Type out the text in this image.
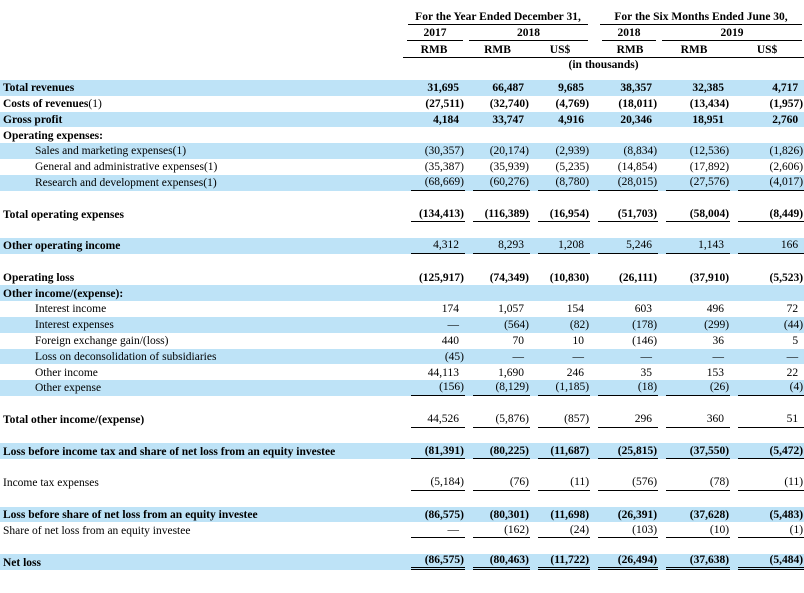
	For the Year Ended December 31,			For the Six Months Ended June 30,		

	2017	2018		2018	2019	

	RMB	RMB	US$	RMB	RMB	US$
	(in thousands)					
Total revenues	31,695	66,487	9,685	38,357	32,385	4,717

Costs of revenues(1)	(27,511)	(32,740)	(4,769)	(18,011)	(13,434)	(1,957)

Gross profit	4,184	33,747	4,916	20,346	18,951	2,760

Operating expenses:						
Sales and marketing expenses(1)	(30,357)	(20,174)	(2,939)	(8,834)	(12,536)	(1,826)

General and administrative expenses(1)	(35,387)	(35,939)	(5,235)	(14,854)	(17,892)	(2,606)

Research and development expenses(1)	(68,669)	(60,276)	(8,780)	(28,015)	(27,576)	(4,017)

Total operating expenses	(134,413)	(116,389)	(16,954)	(51,703)	(58,004)	(8,449)

Other operating income	4,312	8,293	1,208	5,246	1,143	166

Operating loss	(125,917)	(74,349)	(10,830)	(26,111)	(37,910)	(5,523)

Other income/(expense):						
Interest income	174	1,057	154	603	496	72

Interest expenses	—	(564)	(82)	(178)	(299)	(44)

Foreign exchange gain/(loss)	440	70	10	(146)	36	5

Loss on deconsolidation of subsidiaries	(45)	—	—	—	—	—

Other income	44,113	1,690	246	35	153	22

Other expense	(156)	(8,129)	(1,185)	(18)	(26)	(4)

Total other income/(expense)	44,526	(5,876)	(857)	296	360	51

Loss before income tax and share of net loss from an equity investee	(81,391)	(80,225)	(11,687)	(25,815)	(37,550)	(5,472)

Income tax expenses	(5,184)	(76)	(11)	(576)	(78)	(11)

Loss before share of net loss from an equity investee	(86,575)	(80,301)	(11,698)	(26,391)	(37,628)	(5,483)

Share of net loss from an equity investee	—	(162)	(24)	(103)	(10)	(1)

Net loss	(86,575)	(80,463)	(11,722)	(26,494)	(37,638)	(5,484)
